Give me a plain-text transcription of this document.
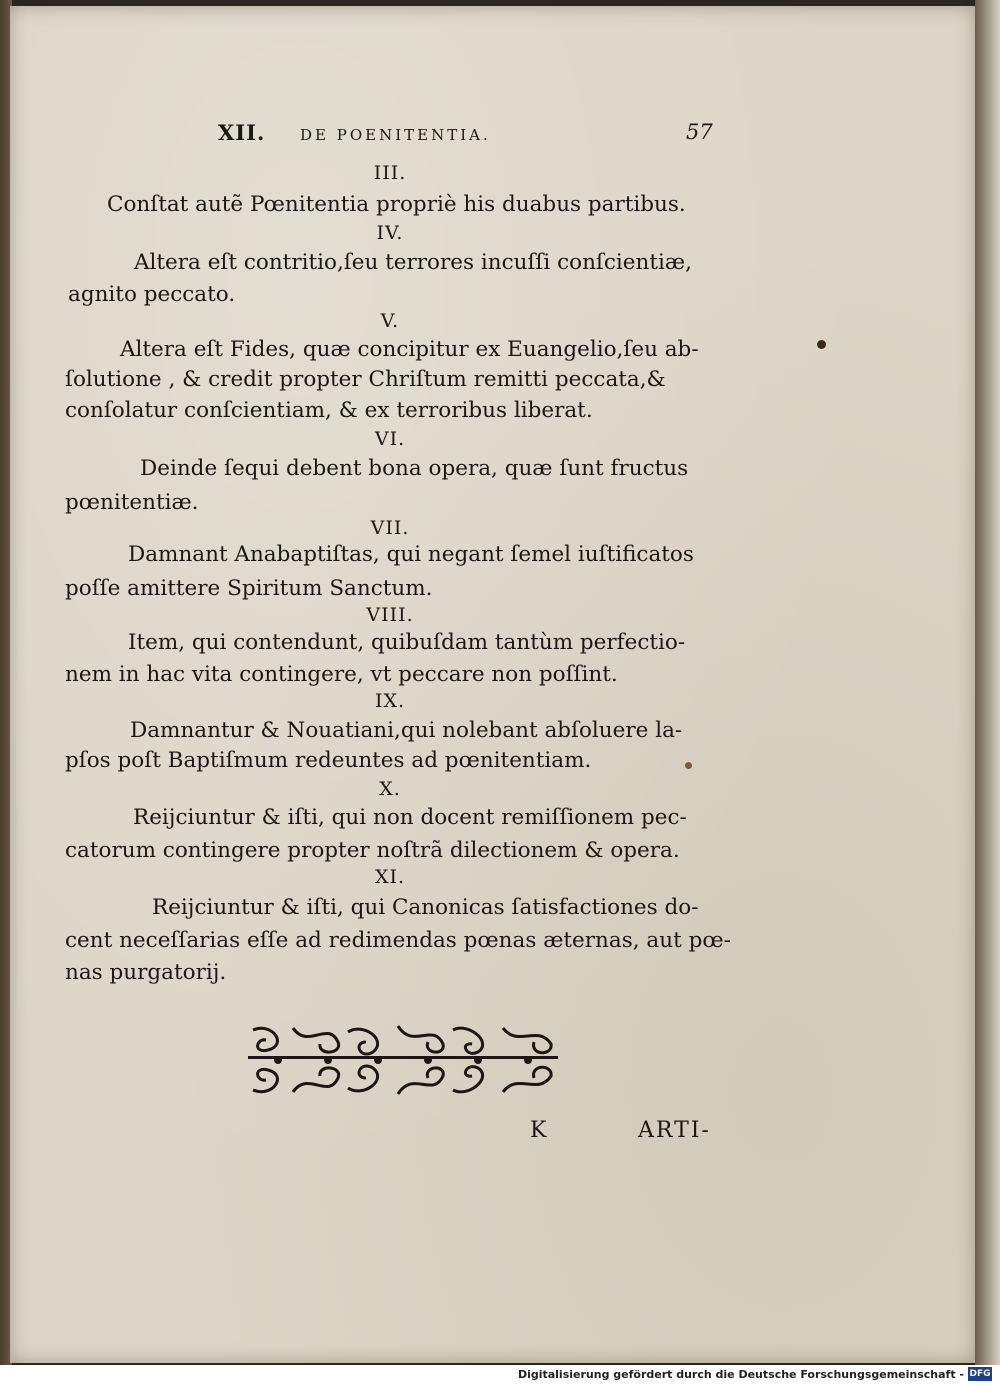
XII. DE POENITENTIA.	57
III.
Conſtat autẽ Pœnitentia propriè his duabus partibus.
IV.
Altera eſt contritio,ſeu terrores incuſſi conſcientiæ,
agnito peccato.
V.
Altera eſt Fides, quæ concipitur ex Euangelio,ſeu ab-
ſolutione , & credit propter Chriſtum remitti peccata,&
conſolatur conſcientiam, & ex terroribus liberat.
VI.
Deinde ſequi debent bona opera, quæ ſunt fructus
pœnitentiæ.
VII.
Damnant Anabaptiſtas, qui negant ſemel iuſtificatos
poſſe amittere Spiritum Sanctum.
VIII.
Item, qui contendunt, quibuſdam tantùm perfectio-
nem in hac vita contingere, vt peccare non poſſint.
IX.
Damnantur & Nouatiani,qui nolebant abſoluere la-
pſos poſt Baptiſmum redeuntes ad pœnitentiam.
X.
Reijciuntur & iſti, qui non docent remiſſionem pec-
catorum contingere propter noſtrã dilectionem & opera.
XI.
Reijciuntur & iſti, qui Canonicas ſatisfactiones do-
cent neceſſarias eſſe ad redimendas pœnas æternas, aut pœ-
nas purgatorij.
K	ARTI-
Digitalisierung gefördert durch die Deutsche Forschungsgemeinschaft - DFG
